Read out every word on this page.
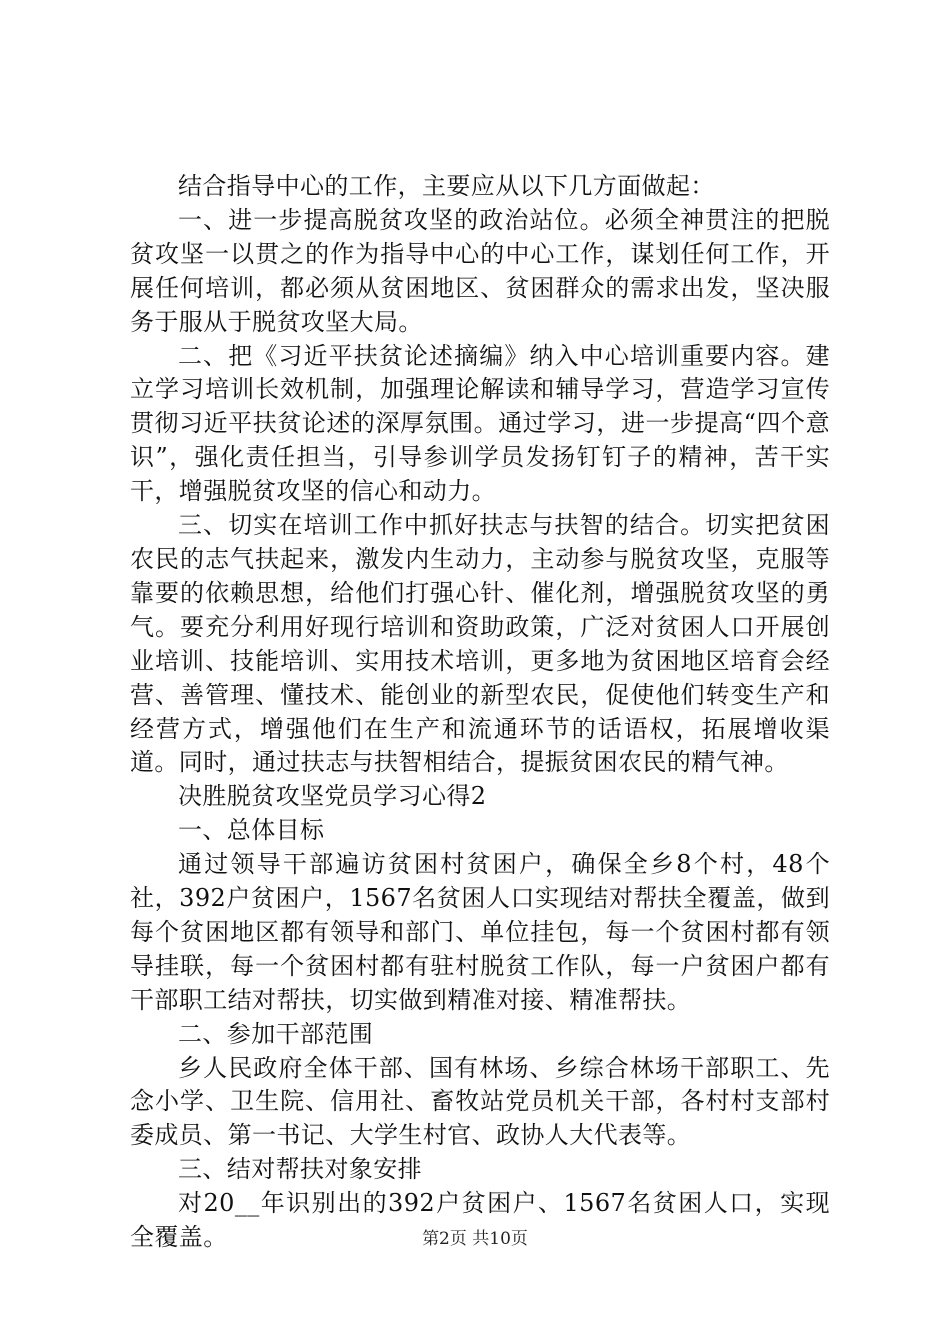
结合指导中心的工作，主要应从以下几方面做起：

一、进一步提高脱贫攻坚的政治站位。必须全神贯注的把脱贫攻坚一以贯之的作为指导中心的中心工作，谋划任何工作，开展任何培训，都必须从贫困地区、贫困群众的需求出发，坚决服务于服从于脱贫攻坚大局。

二、把《习近平扶贫论述摘编》纳入中心培训重要内容。建立学习培训长效机制，加强理论解读和辅导学习，营造学习宣传贯彻习近平扶贫论述的深厚氛围。通过学习，进一步提高“四个意识”，强化责任担当，引导参训学员发扬钉钉子的精神，苦干实干，增强脱贫攻坚的信心和动力。

三、切实在培训工作中抓好扶志与扶智的结合。切实把贫困农民的志气扶起来，激发内生动力，主动参与脱贫攻坚，克服等靠要的依赖思想，给他们打强心针、催化剂，增强脱贫攻坚的勇气。要充分利用好现行培训和资助政策，广泛对贫困人口开展创业培训、技能培训、实用技术培训，更多地为贫困地区培育会经营、善管理、懂技术、能创业的新型农民，促使他们转变生产和经营方式，增强他们在生产和流通环节的话语权，拓展增收渠道。同时，通过扶志与扶智相结合，提振贫困农民的精气神。

决胜脱贫攻坚党员学习心得2

一、总体目标

通过领导干部遍访贫困村贫困户，确保全乡8个村，48个社，392户贫困户，1567名贫困人口实现结对帮扶全覆盖，做到每个贫困地区都有领导和部门、单位挂包，每一个贫困村都有领导挂联，每一个贫困村都有驻村脱贫工作队，每一户贫困户都有干部职工结对帮扶，切实做到精准对接、精准帮扶。

二、参加干部范围

乡人民政府全体干部、国有林场、乡综合林场干部职工、先念小学、卫生院、信用社、畜牧站党员机关干部，各村村支部村委成员、第一书记、大学生村官、政协人大代表等。

三、结对帮扶对象安排

对20__年识别出的392户贫困户、1567名贫困人口，实现全覆盖。	第2页 共10页
